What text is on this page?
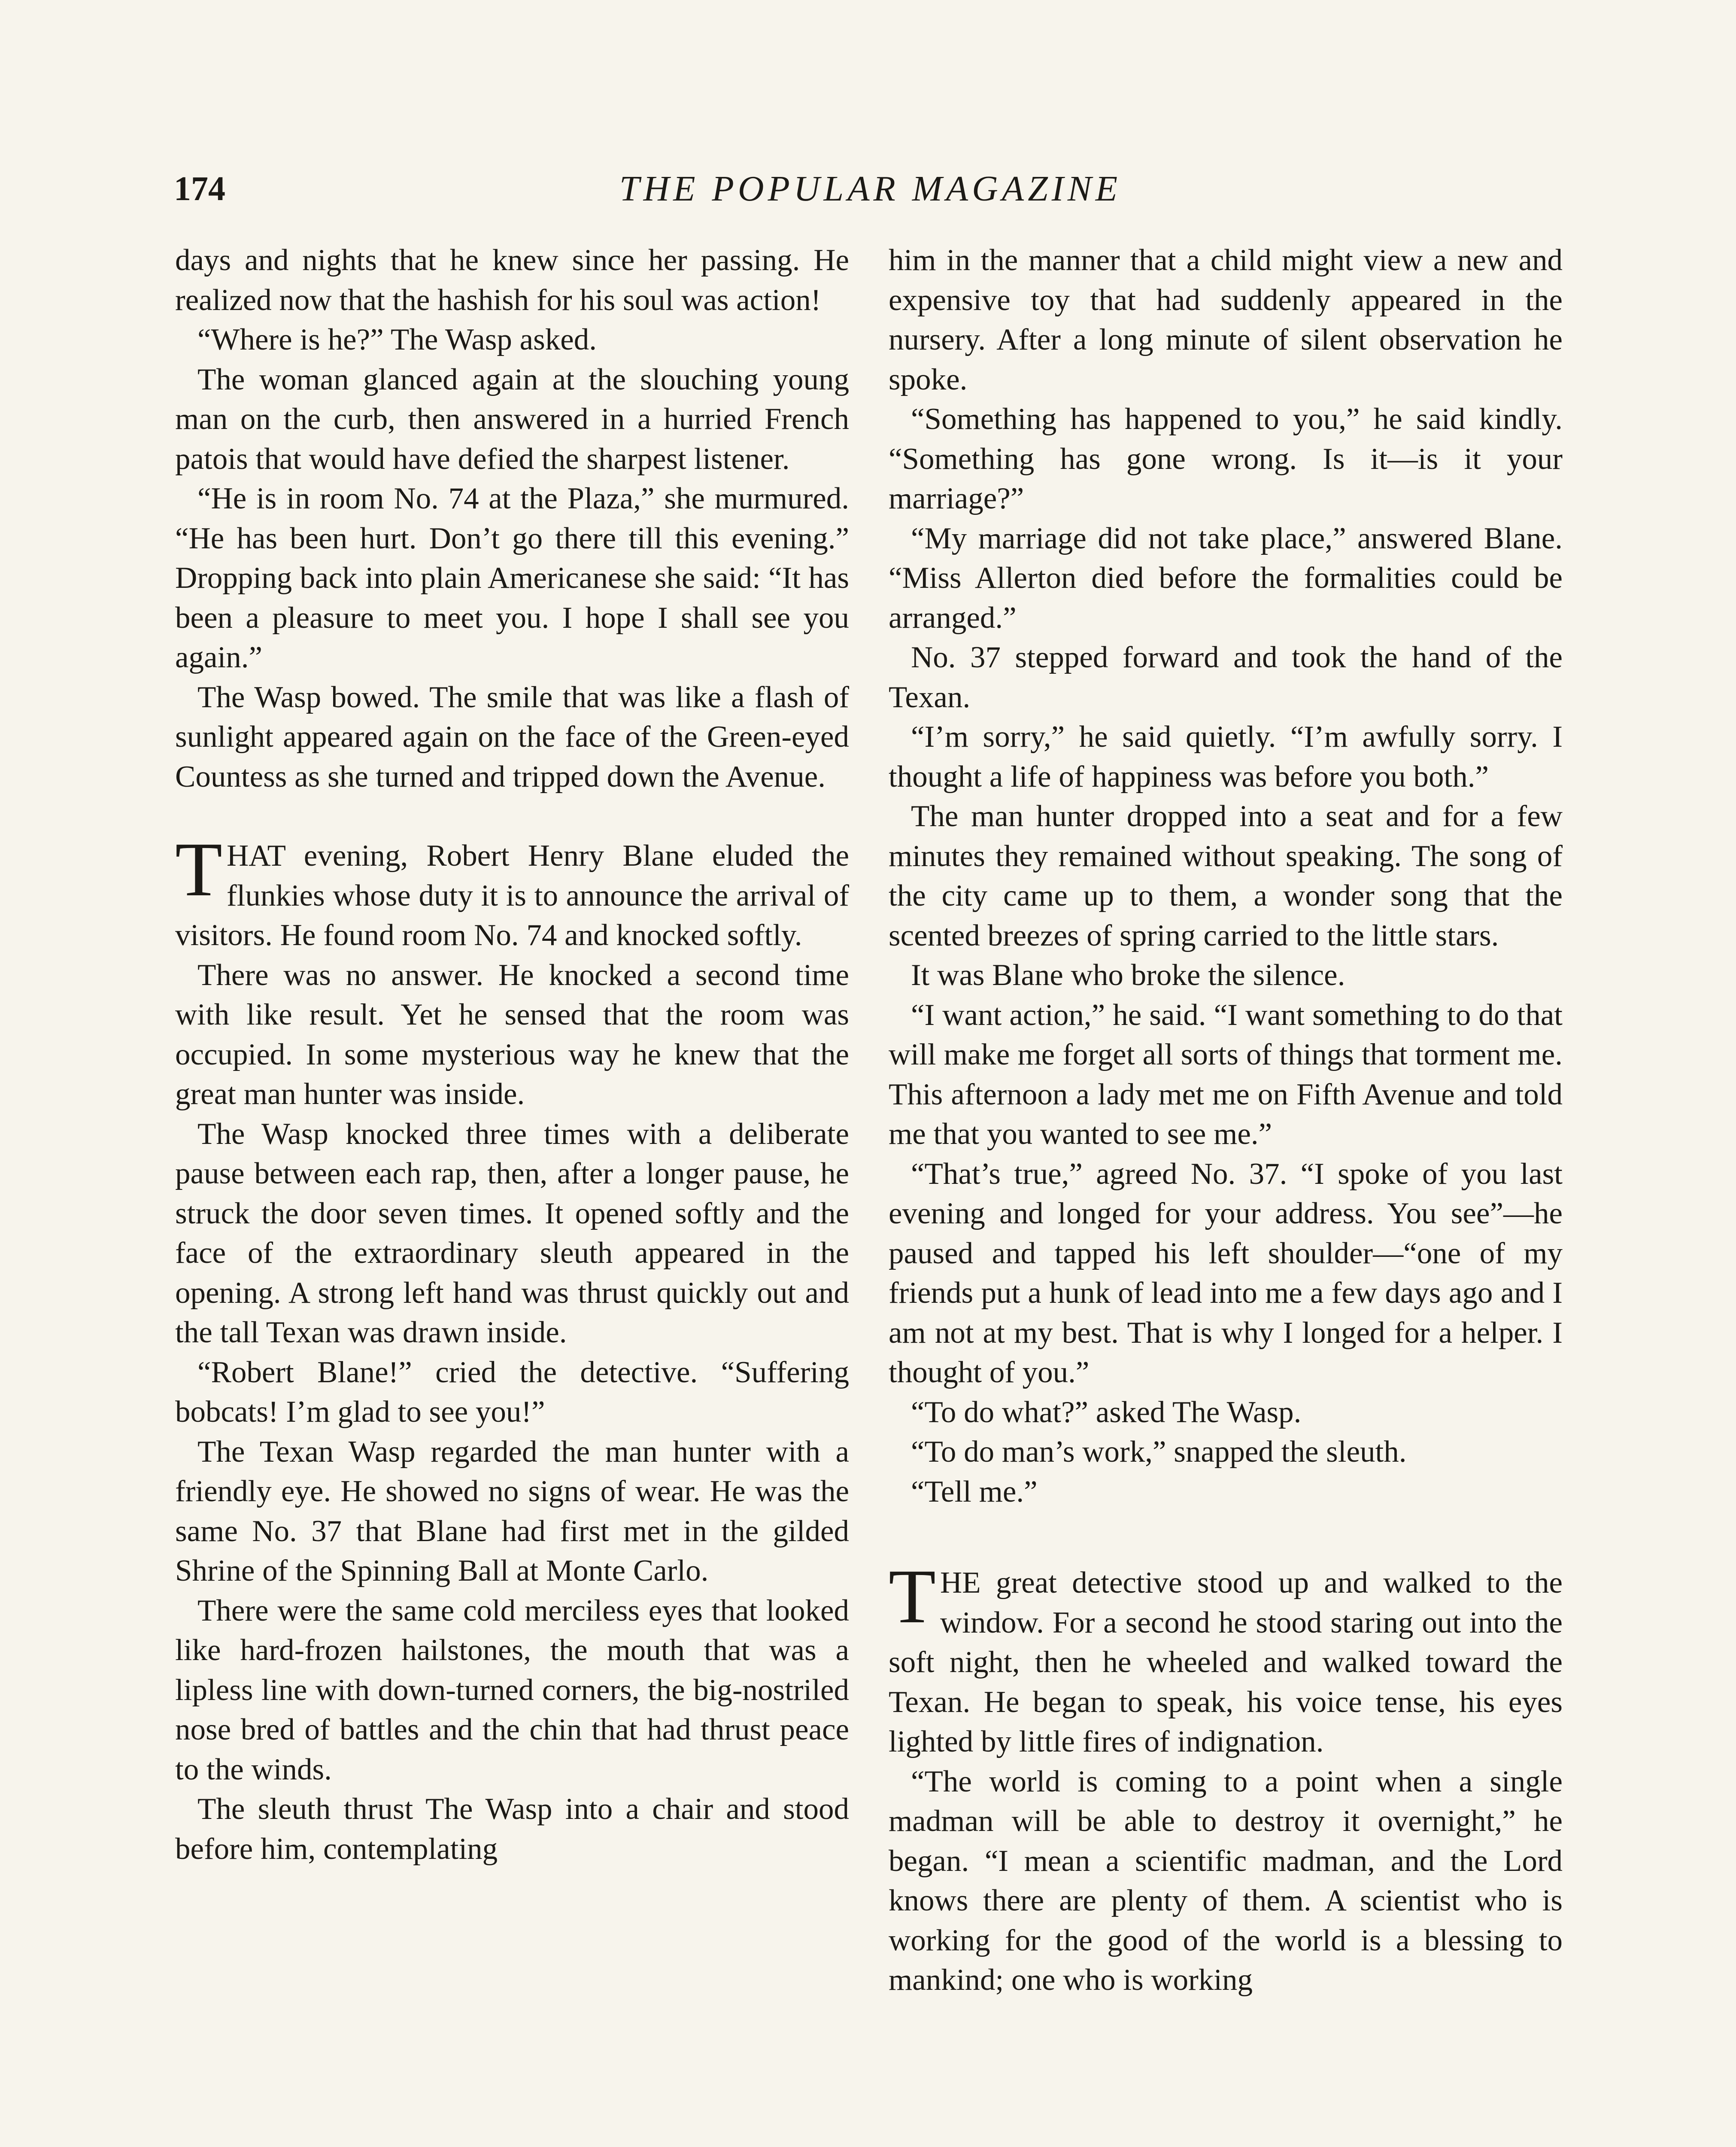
174	THE POPULAR MAGAZINE

days and nights that he knew since her passing. He realized now that the hashish for his soul was action!

“Where is he?” The Wasp asked.

The woman glanced again at the slouching young man on the curb, then answered in a hurried French patois that would have defied the sharpest listener.

“He is in room No. 74 at the Plaza,” she murmured. “He has been hurt. Don’t go there till this evening.” Dropping back into plain Americanese she said: “It has been a pleasure to meet you. I hope I shall see you again.”

The Wasp bowed. The smile that was like a flash of sunlight appeared again on the face of the Green-eyed Countess as she turned and tripped down the Avenue.

THAT evening, Robert Henry Blane eluded the flunkies whose duty it is to announce the arrival of visitors. He found room No. 74 and knocked softly.

There was no answer. He knocked a second time with like result. Yet he sensed that the room was occupied. In some mysterious way he knew that the great man hunter was inside.

The Wasp knocked three times with a deliberate pause between each rap, then, after a longer pause, he struck the door seven times. It opened softly and the face of the extraordinary sleuth appeared in the opening. A strong left hand was thrust quickly out and the tall Texan was drawn inside.

“Robert Blane!” cried the detective. “Suffering bobcats! I’m glad to see you!”

The Texan Wasp regarded the man hunter with a friendly eye. He showed no signs of wear. He was the same No. 37 that Blane had first met in the gilded Shrine of the Spinning Ball at Monte Carlo.

There were the same cold merciless eyes that looked like hard-frozen hailstones, the mouth that was a lipless line with down-turned corners, the big-nostriled nose bred of battles and the chin that had thrust peace to the winds.

The sleuth thrust The Wasp into a chair and stood before him, contemplating

him in the manner that a child might view a new and expensive toy that had suddenly appeared in the nursery. After a long minute of silent observation he spoke.

“Something has happened to you,” he said kindly. “Something has gone wrong. Is it—is it your marriage?”

“My marriage did not take place,” answered Blane. “Miss Allerton died before the formalities could be arranged.”

No. 37 stepped forward and took the hand of the Texan.

“I’m sorry,” he said quietly. “I’m awfully sorry. I thought a life of happiness was before you both.”

The man hunter dropped into a seat and for a few minutes they remained without speaking. The song of the city came up to them, a wonder song that the scented breezes of spring carried to the little stars.

It was Blane who broke the silence.

“I want action,” he said. “I want something to do that will make me forget all sorts of things that torment me. This afternoon a lady met me on Fifth Avenue and told me that you wanted to see me.”

“That’s true,” agreed No. 37. “I spoke of you last evening and longed for your address. You see”—he paused and tapped his left shoulder—“one of my friends put a hunk of lead into me a few days ago and I am not at my best. That is why I longed for a helper. I thought of you.”

“To do what?” asked The Wasp.

“To do man’s work,” snapped the sleuth.

“Tell me.”

THE great detective stood up and walked to the window. For a second he stood staring out into the soft night, then he wheeled and walked toward the Texan. He began to speak, his voice tense, his eyes lighted by little fires of indignation.

“The world is coming to a point when a single madman will be able to destroy it overnight,” he began. “I mean a scientific madman, and the Lord knows there are plenty of them. A scientist who is working for the good of the world is a blessing to mankind; one who is working
